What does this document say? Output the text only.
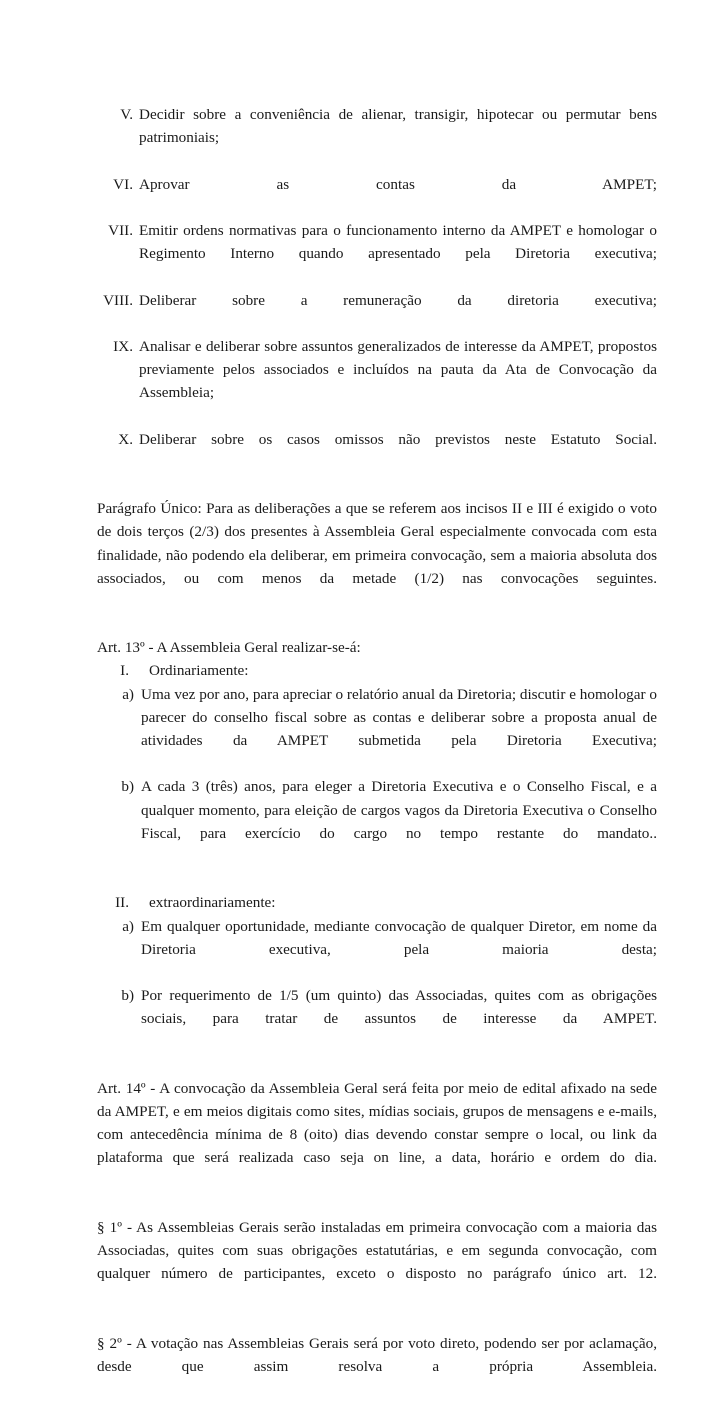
V. Decidir sobre a conveniência de alienar, transigir, hipotecar ou permutar bens patrimoniais;
VI. Aprovar as contas da AMPET;
VII. Emitir ordens normativas para o funcionamento interno da AMPET e homologar o Regimento Interno quando apresentado pela Diretoria executiva;
VIII. Deliberar sobre a remuneração da diretoria executiva;
IX. Analisar e deliberar sobre assuntos generalizados de interesse da AMPET, propostos previamente pelos associados e incluídos na pauta da Ata de Convocação da Assembleia;
X. Deliberar sobre os casos omissos não previstos neste Estatuto Social.

Parágrafo Único: Para as deliberações a que se referem aos incisos II e III é exigido o voto de dois terços (2/3) dos presentes à Assembleia Geral especialmente convocada com esta finalidade, não podendo ela deliberar, em primeira convocação, sem a maioria absoluta dos associados, ou com menos da metade (1/2) nas convocações seguintes.

Art. 13º - A Assembleia Geral realizar-se-á:

I.	Ordinariamente:
a) Uma vez por ano, para apreciar o relatório anual da Diretoria; discutir e homologar o parecer do conselho fiscal sobre as contas e deliberar sobre a proposta anual de atividades da AMPET submetida pela Diretoria Executiva;
b) A cada 3 (três) anos, para eleger a Diretoria Executiva e o Conselho Fiscal, e a qualquer momento, para eleição de cargos vagos da Diretoria Executiva o Conselho Fiscal, para exercício do cargo no tempo restante do mandato..
II.	extraordinariamente:
a) Em qualquer oportunidade, mediante convocação de qualquer Diretor, em nome da Diretoria executiva, pela maioria desta;
b) Por requerimento de 1/5 (um quinto) das Associadas, quites com as obrigações sociais, para tratar de assuntos de interesse da AMPET.

Art. 14º - A convocação da Assembleia Geral será feita por meio de edital afixado na sede da AMPET, e em meios digitais como sites, mídias sociais, grupos de mensagens e e-mails, com antecedência mínima de 8 (oito) dias devendo constar sempre o local, ou link da plataforma que será realizada caso seja on line, a data, horário e ordem do dia.

§ 1º - As Assembleias Gerais serão instaladas em primeira convocação com a maioria das Associadas, quites com suas obrigações estatutárias, e em segunda convocação, com qualquer número de participantes, exceto o disposto no parágrafo único art. 12.

§ 2º - A votação nas Assembleias Gerais será por voto direto, podendo ser por aclamação, desde que assim resolva a própria Assembleia.
